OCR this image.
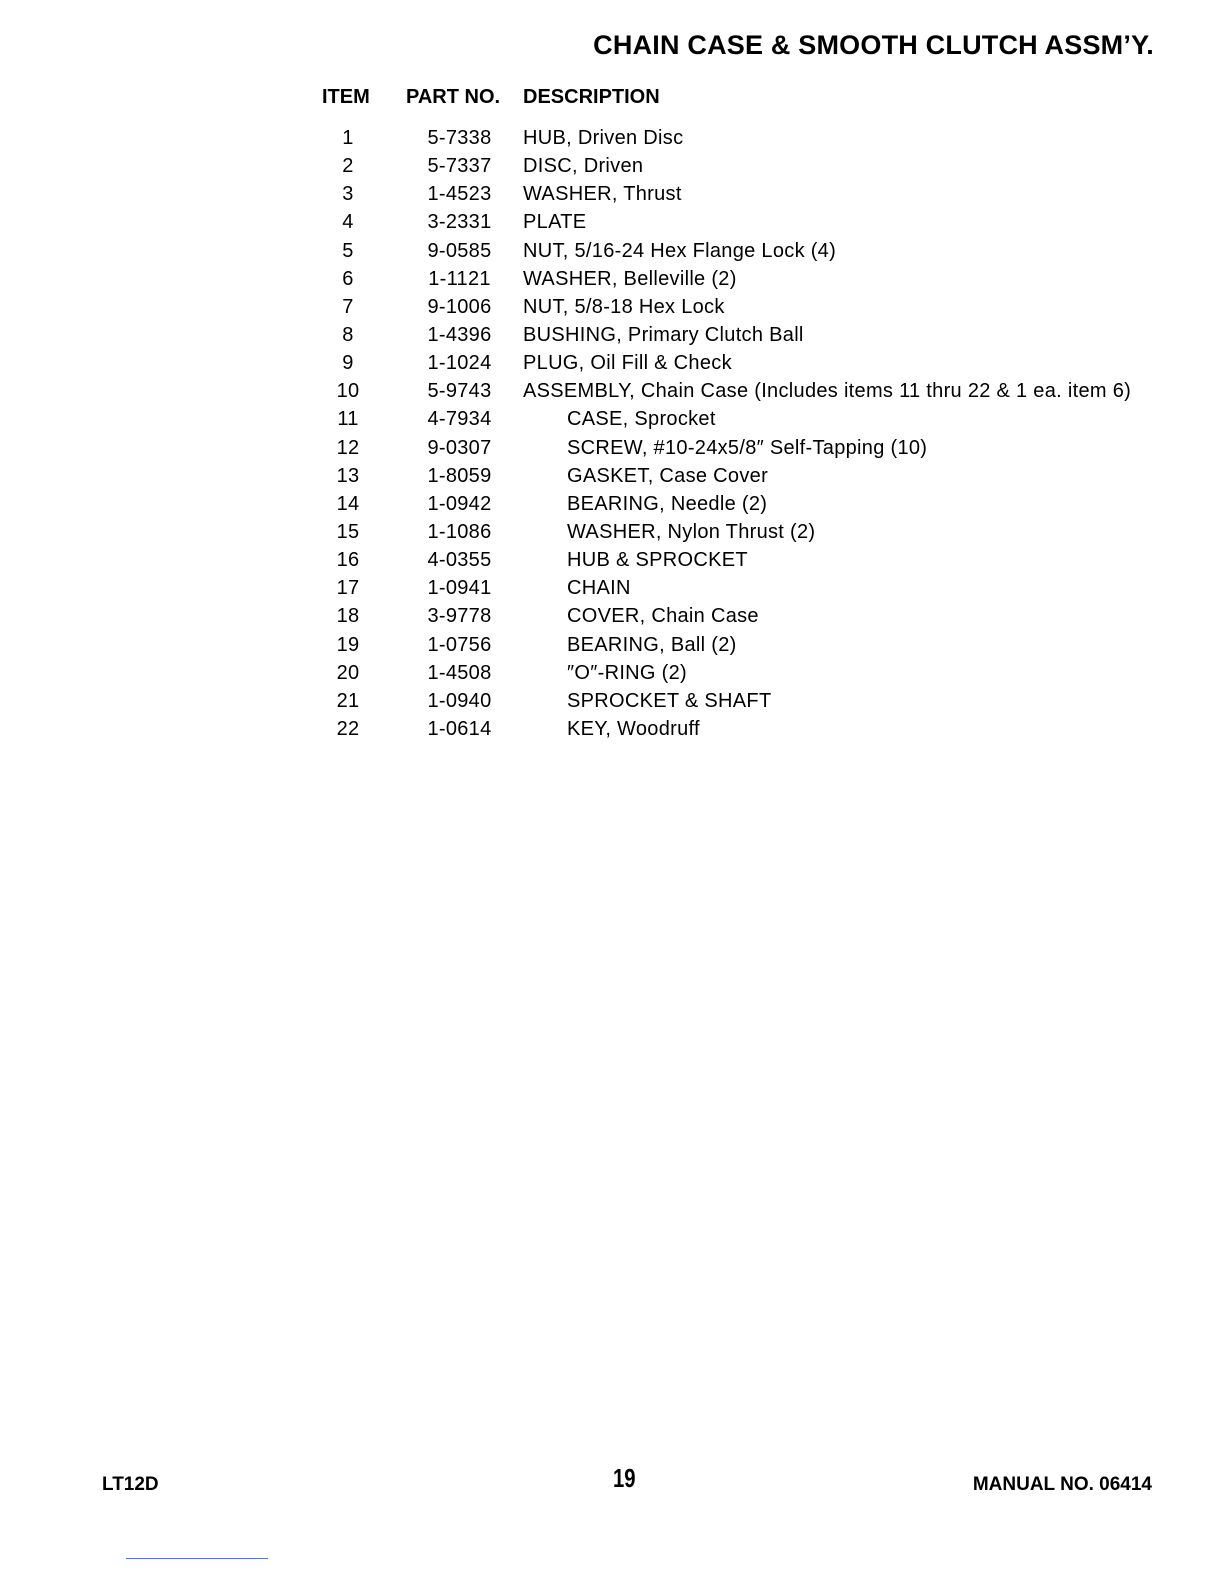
CHAIN CASE & SMOOTH CLUTCH ASSM’Y.
ITEM	PART NO.	DESCRIPTION

1	5-7338	HUB, Driven Disc
2	5-7337	DISC, Driven
3	1-4523	WASHER, Thrust
4	3-2331	PLATE
5	9-0585	NUT, 5/16-24 Hex Flange Lock (4)
6	1-1121	WASHER, Belleville (2)
7	9-1006	NUT, 5/8-18 Hex Lock
8	1-4396	BUSHING, Primary Clutch Ball
9	1-1024	PLUG, Oil Fill & Check
10	5-9743	ASSEMBLY, Chain Case (Includes items 11 thru 22 & 1 ea. item 6)
11	4-7934	CASE, Sprocket
12	9-0307	SCREW, #10-24x5/8″ Self-Tapping (10)
13	1-8059	GASKET, Case Cover
14	1-0942	BEARING, Needle (2)
15	1-1086	WASHER, Nylon Thrust (2)
16	4-0355	HUB & SPROCKET
17	1-0941	CHAIN
18	3-9778	COVER, Chain Case
19	1-0756	BEARING, Ball (2)
20	1-4508	″O″-RING (2)
21	1-0940	SPROCKET & SHAFT
22	1-0614	KEY, Woodruff
LT12D	19	MANUAL NO. 06414
